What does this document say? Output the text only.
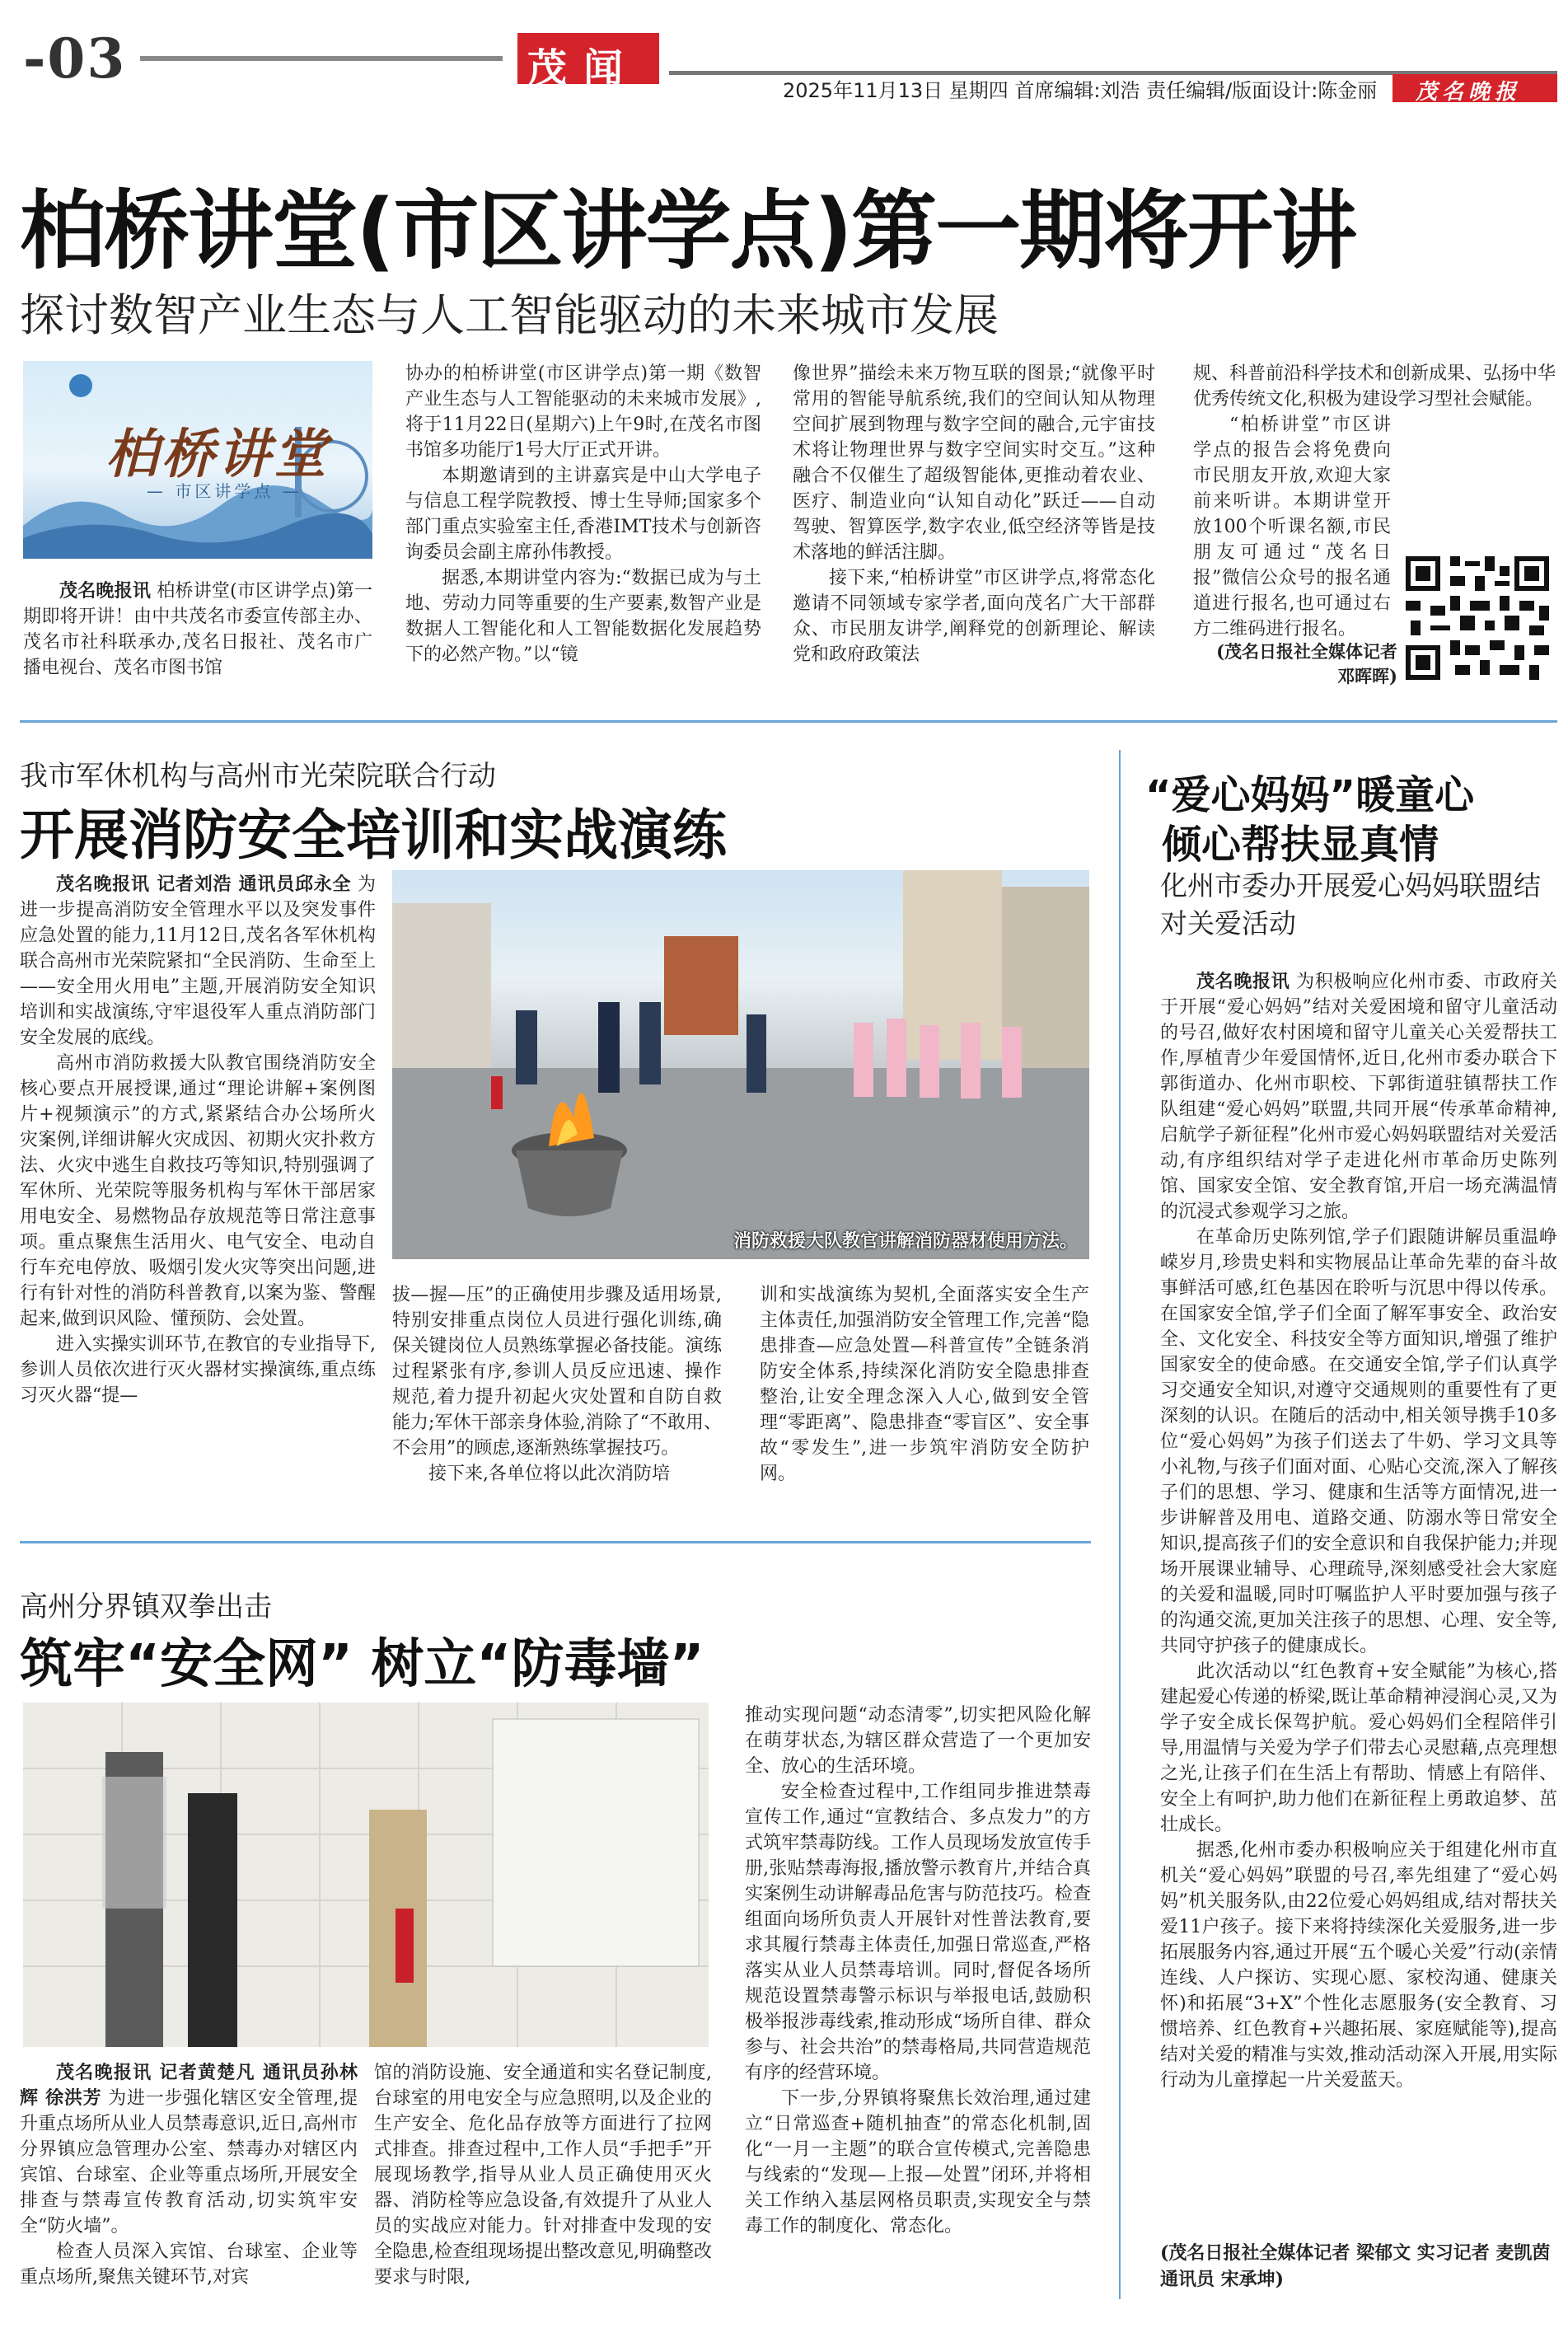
-03	茂闻	2025年11月13日 星期四 首席编辑:刘浩 责任编辑/版面设计:陈金丽 茂名晚报
柏桥讲堂(市区讲学点)第一期将开讲
探讨数智产业生态与人工智能驱动的未来城市发展
柏桥讲堂
— 市区讲学点 —

茂名晚报讯 柏桥讲堂(市区讲学点)第一期即将开讲！由中共茂名市委宣传部主办、茂名市社科联承办,茂名日报社、茂名市广播电视台、茂名市图书馆

协办的柏桥讲堂(市区讲学点)第一期《数智产业生态与人工智能驱动的未来城市发展》,将于11月22日(星期六)上午9时,在茂名市图书馆多功能厅1号大厅正式开讲。

本期邀请到的主讲嘉宾是中山大学电子与信息工程学院教授、博士生导师;国家多个部门重点实验室主任,香港IMT技术与创新咨询委员会副主席孙伟教授。

据悉,本期讲堂内容为:“数据已成为与土地、劳动力同等重要的生产要素,数智产业是数据人工智能化和人工智能数据化发展趋势下的必然产物。”以“镜

像世界”描绘未来万物互联的图景;“就像平时常用的智能导航系统,我们的空间认知从物理空间扩展到物理与数字空间的融合,元宇宙技术将让物理世界与数字空间实时交互。”这种融合不仅催生了超级智能体,更推动着农业、医疗、制造业向“认知自动化”跃迁——自动驾驶、智算医学,数字农业,低空经济等皆是技术落地的鲜活注脚。

接下来,“柏桥讲堂”市区讲学点,将常态化邀请不同领域专家学者,面向茂名广大干部群众、市民朋友讲学,阐释党的创新理论、解读党和政府政策法

规、科普前沿科学技术和创新成果、弘扬中华优秀传统文化,积极为建设学习型社会赋能。

“柏桥讲堂”市区讲学点的报告会将免费向市民朋友开放,欢迎大家前来听讲。本期讲堂开放100个听课名额,市民朋友可通过“茂名日报”微信公众号的报名通道进行报名,也可通过右方二维码进行报名。

(茂名日报社全媒体记者 邓晖晖)
我市军休机构与高州市光荣院联合行动
开展消防安全培训和实战演练
消防救援大队教官讲解消防器材使用方法。

茂名晚报讯 记者刘浩 通讯员邱永全 为进一步提高消防安全管理水平以及突发事件应急处置的能力,11月12日,茂名各军休机构联合高州市光荣院紧扣“全民消防、生命至上——安全用火用电”主题,开展消防安全知识培训和实战演练,守牢退役军人重点消防部门安全发展的底线。

高州市消防救援大队教官围绕消防安全核心要点开展授课,通过“理论讲解+案例图片+视频演示”的方式,紧紧结合办公场所火灾案例,详细讲解火灾成因、初期火灾扑救方法、火灾中逃生自救技巧等知识,特别强调了军休所、光荣院等服务机构与军休干部居家用电安全、易燃物品存放规范等日常注意事项。重点聚焦生活用火、电气安全、电动自行车充电停放、吸烟引发火灾等突出问题,进行有针对性的消防科普教育,以案为鉴、警醒起来,做到识风险、懂预防、会处置。

进入实操实训环节,在教官的专业指导下,参训人员依次进行灭火器材实操演练,重点练习灭火器“提—

拔—握—压”的正确使用步骤及适用场景,特别安排重点岗位人员进行强化训练,确保关键岗位人员熟练掌握必备技能。演练过程紧张有序,参训人员反应迅速、操作规范,着力提升初起火灾处置和自防自救能力;军休干部亲身体验,消除了“不敢用、不会用”的顾虑,逐渐熟练掌握技巧。

接下来,各单位将以此次消防培

训和实战演练为契机,全面落实安全生产主体责任,加强消防安全管理工作,完善“隐患排查—应急处置—科普宣传”全链条消防安全体系,持续深化消防安全隐患排查整治,让安全理念深入人心,做到安全管理“零距离”、隐患排查“零盲区”、安全事故“零发生”,进一步筑牢消防安全防护网。

高州分界镇双拳出击
筑牢“安全网” 树立“防毒墙”

茂名晚报讯 记者黄楚凡 通讯员孙林辉 徐洪芳 为进一步强化辖区安全管理,提升重点场所从业人员禁毒意识,近日,高州市分界镇应急管理办公室、禁毒办对辖区内宾馆、台球室、企业等重点场所,开展安全排查与禁毒宣传教育活动,切实筑牢安全“防火墙”。

检查人员深入宾馆、台球室、企业等重点场所,聚焦关键环节,对宾

馆的消防设施、安全通道和实名登记制度,台球室的用电安全与应急照明,以及企业的生产安全、危化品存放等方面进行了拉网式排查。排查过程中,工作人员“手把手”开展现场教学,指导从业人员正确使用灭火器、消防栓等应急设备,有效提升了从业人员的实战应对能力。针对排查中发现的安全隐患,检查组现场提出整改意见,明确整改要求与时限,

推动实现问题“动态清零”,切实把风险化解在萌芽状态,为辖区群众营造了一个更加安全、放心的生活环境。

安全检查过程中,工作组同步推进禁毒宣传工作,通过“宣教结合、多点发力”的方式筑牢禁毒防线。工作人员现场发放宣传手册,张贴禁毒海报,播放警示教育片,并结合真实案例生动讲解毒品危害与防范技巧。检查组面向场所负责人开展针对性普法教育,要求其履行禁毒主体责任,加强日常巡查,严格落实从业人员禁毒培训。同时,督促各场所规范设置禁毒警示标识与举报电话,鼓励积极举报涉毒线索,推动形成“场所自律、群众参与、社会共治”的禁毒格局,共同营造规范有序的经营环境。

下一步,分界镇将聚焦长效治理,通过建立“日常巡查+随机抽查”的常态化机制,固化“一月一主题”的联合宣传模式,完善隐患与线索的“发现—上报—处置”闭环,并将相关工作纳入基层网格员职责,实现安全与禁毒工作的制度化、常态化。

“爱心妈妈”暖童心
倾心帮扶显真情
化州市委办开展爱心妈妈联盟结对关爱活动

茂名晚报讯 为积极响应化州市委、市政府关于开展“爱心妈妈”结对关爱困境和留守儿童活动的号召,做好农村困境和留守儿童关心关爱帮扶工作,厚植青少年爱国情怀,近日,化州市委办联合下郭街道办、化州市职校、下郭街道驻镇帮扶工作队组建“爱心妈妈”联盟,共同开展“传承革命精神,启航学子新征程”化州市爱心妈妈联盟结对关爱活动,有序组织结对学子走进化州市革命历史陈列馆、国家安全馆、安全教育馆,开启一场充满温情的沉浸式参观学习之旅。

在革命历史陈列馆,学子们跟随讲解员重温峥嵘岁月,珍贵史料和实物展品让革命先辈的奋斗故事鲜活可感,红色基因在聆听与沉思中得以传承。在国家安全馆,学子们全面了解军事安全、政治安全、文化安全、科技安全等方面知识,增强了维护国家安全的使命感。在交通安全馆,学子们认真学习交通安全知识,对遵守交通规则的重要性有了更深刻的认识。在随后的活动中,相关领导携手10多位“爱心妈妈”为孩子们送去了牛奶、学习文具等小礼物,与孩子们面对面、心贴心交流,深入了解孩子们的思想、学习、健康和生活等方面情况,进一步讲解普及用电、道路交通、防溺水等日常安全知识,提高孩子们的安全意识和自我保护能力;并现场开展课业辅导、心理疏导,深刻感受社会大家庭的关爱和温暖,同时叮嘱监护人平时要加强与孩子的沟通交流,更加关注孩子的思想、心理、安全等,共同守护孩子的健康成长。

此次活动以“红色教育+安全赋能”为核心,搭建起爱心传递的桥梁,既让革命精神浸润心灵,又为学子安全成长保驾护航。爱心妈妈们全程陪伴引导,用温情与关爱为学子们带去心灵慰藉,点亮理想之光,让孩子们在生活上有帮助、情感上有陪伴、安全上有呵护,助力他们在新征程上勇敢追梦、茁壮成长。

据悉,化州市委办积极响应关于组建化州市直机关“爱心妈妈”联盟的号召,率先组建了“爱心妈妈”机关服务队,由22位爱心妈妈组成,结对帮扶关爱11户孩子。接下来将持续深化关爱服务,进一步拓展服务内容,通过开展“五个暖心关爱”行动(亲情连线、人户探访、实现心愿、家校沟通、健康关怀)和拓展“3+X”个性化志愿服务(安全教育、习惯培养、红色教育+兴趣拓展、家庭赋能等),提高结对关爱的精准与实效,推动活动深入开展,用实际行动为儿童撑起一片关爱蓝天。

(茂名日报社全媒体记者 梁郁文 实习记者 麦凯茵 通讯员 宋承坤)
